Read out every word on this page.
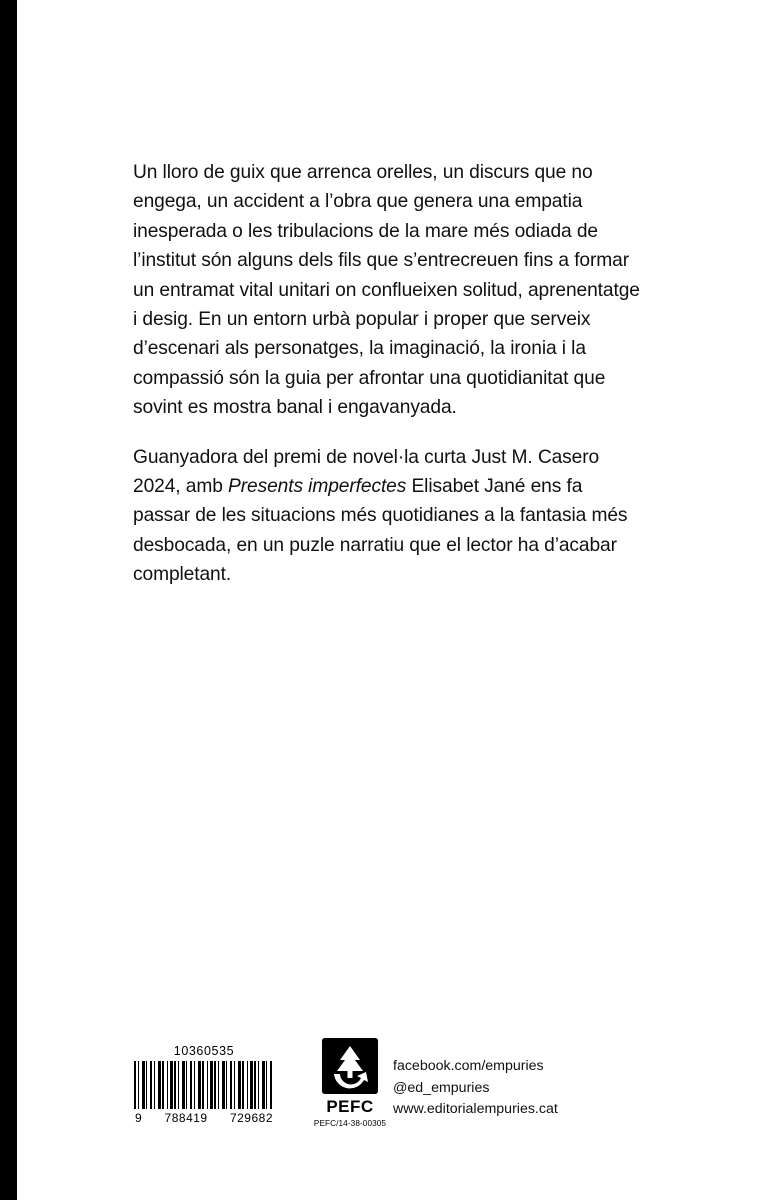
Un lloro de guix que arrenca orelles, un discurs que no engega, un accident a l’obra que genera una empatia inesperada o les tribulacions de la mare més odiada de l’institut són alguns dels fils que s’entrecreuen fins a formar un entramat vital unitari on conflueixen solitud, aprenentatge i desig. En un entorn urbà popular i proper que serveix d’escenari als personatges, la imaginació, la ironia i la compassió són la guia per afrontar una quotidianitat que sovint es mostra banal i engavanyada.

Guanyadora del premi de novel·la curta Just M. Casero 2024, amb Presents imperfectes Elisabet Jané ens fa passar de les situacions més quotidianes a la fantasia més desbocada, en un puzle narratiu que el lector ha d’acabar completant.

10360535
9 788419 729682
PEFC
PEFC/14-38-00305
facebook.com/empuries
@ed_empuries
www.editorialempuries.cat
